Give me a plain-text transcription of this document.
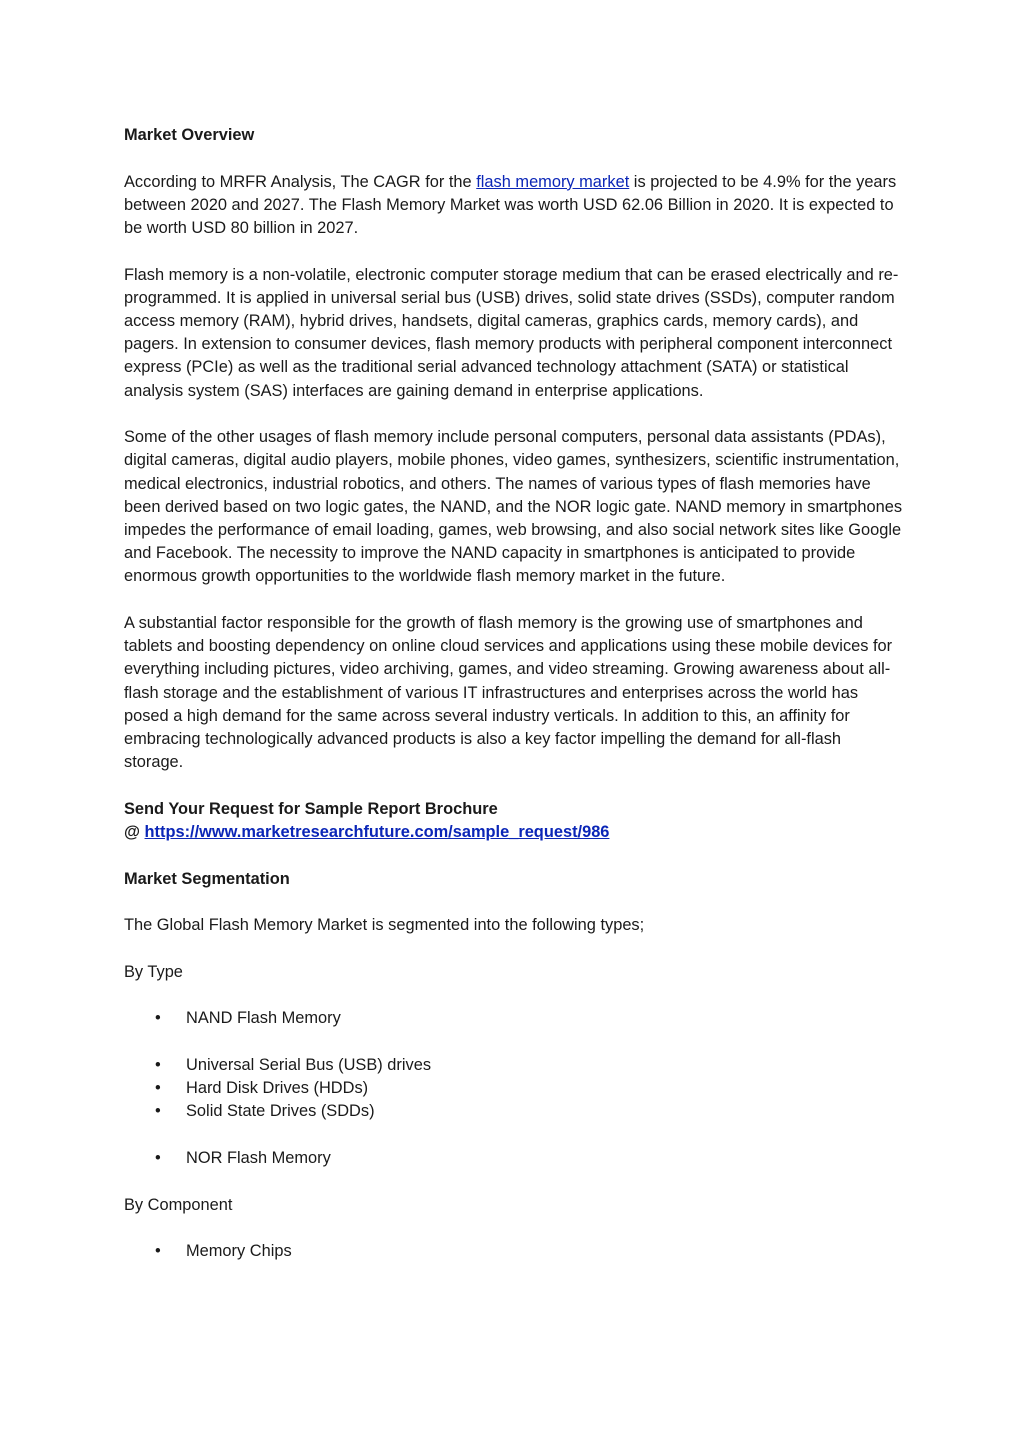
Market Overview

According to MRFR Analysis, The CAGR for the flash memory market is projected to be 4.9% for the years between 2020 and 2027. The Flash Memory Market was worth USD 62.06 Billion in 2020. It is expected to be worth USD 80 billion in 2027.

Flash memory is a non-volatile, electronic computer storage medium that can be erased electrically and re-programmed. It is applied in universal serial bus (USB) drives, solid state drives (SSDs), computer random access memory (RAM), hybrid drives, handsets, digital cameras, graphics cards, memory cards), and pagers. In extension to consumer devices, flash memory products with peripheral component interconnect express (PCIe) as well as the traditional serial advanced technology attachment (SATA) or statistical analysis system (SAS) interfaces are gaining demand in enterprise applications.

Some of the other usages of flash memory include personal computers, personal data assistants (PDAs), digital cameras, digital audio players, mobile phones, video games, synthesizers, scientific instrumentation, medical electronics, industrial robotics, and others. The names of various types of flash memories have been derived based on two logic gates, the NAND, and the NOR logic gate. NAND memory in smartphones impedes the performance of email loading, games, web browsing, and also social network sites like Google and Facebook. The necessity to improve the NAND capacity in smartphones is anticipated to provide enormous growth opportunities to the worldwide flash memory market in the future.

A substantial factor responsible for the growth of flash memory is the growing use of smartphones and tablets and boosting dependency on online cloud services and applications using these mobile devices for everything including pictures, video archiving, games, and video streaming. Growing awareness about all-flash storage and the establishment of various IT infrastructures and enterprises across the world has posed a high demand for the same across several industry verticals. In addition to this, an affinity for embracing technologically advanced products is also a key factor impelling the demand for all-flash storage.

Send Your Request for Sample Report Brochure

@ https://www.marketresearchfuture.com/sample_request/986

Market Segmentation

The Global Flash Memory Market is segmented into the following types;

By Type

• NAND Flash Memory
• Universal Serial Bus (USB) drives
• Hard Disk Drives (HDDs)
• Solid State Drives (SDDs)
• NOR Flash Memory

By Component

• Memory Chips
